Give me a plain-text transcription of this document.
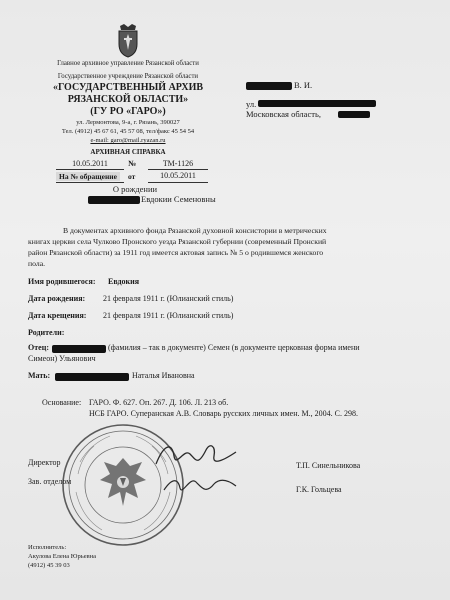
Главное архивное управление Рязанской области
Государственное учреждение Рязанской области
«ГОСУДАРСТВЕННЫЙ АРХИВ
РЯЗАНСКОЙ ОБЛАСТИ»
(ГУ РО «ГАРО»)
ул. Лермонтова, 9-а, г. Рязань, 390027
Тел. (4912) 45 67 61, 45 57 08, тел/факс 45 54 54
e-mail: garo@mail.ryazan.ru
АРХИВНАЯ СПРАВКА
В. И.
ул.
Московская область,
10.05.2011	№	ТМ-1126
На № обращение	от	10.05.2011
О рождении
Евдокии Семеновны
В документах архивного фонда Рязанской духовной консистории в метрических
книгах церкви села Чулково Пронского уезда Рязанской губернии (современный Пронский
район Рязанской области) за 1911 год имеется актовая запись № 5 о родившемся женского
пола.
Имя родившегося: Евдокия
Дата рождения: 21 февраля 1911 г. (Юлианский стиль)
Дата крещения: 21 февраля 1911 г. (Юлианский стиль)
Родители:
Отец:	(фамилия – так в документе) Семен (в документе церковная форма имени
Симеон) Ульянович
Мать:	Наталья Ивановна
Основание: ГАРО. Ф. 627. Оп. 267. Д. 106. Л. 213 об.
НСБ ГАРО. Суперанская А.В. Словарь русских личных имен. М., 2004. С. 298.
Директор	Т.П. Синельникова
Зав. отделом
Г.К. Гольцева
Исполнитель:
Акулова Елена Юрьевна
(4912) 45 39 03
